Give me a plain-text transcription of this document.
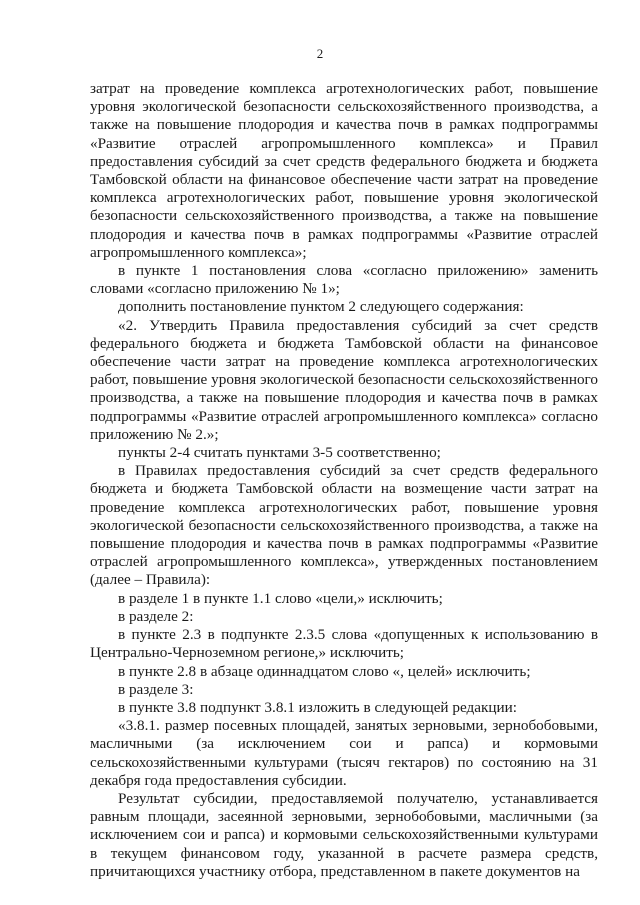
2

затрат на проведение комплекса агротехнологических работ, повышение уровня экологической безопасности сельскохозяйственного производства, а также на повышение плодородия и качества почв в рамках подпрограммы «Развитие отраслей агропромышленного комплекса» и Правил предоставления субсидий за счет средств федерального бюджета и бюджета Тамбовской области на финансовое обеспечение части затрат на проведение комплекса агротехнологических работ, повышение уровня экологической безопасности сельскохозяйственного производства, а также на повышение плодородия и качества почв в рамках подпрограммы «Развитие отраслей агропромышленного комплекса»;

в пункте 1 постановления слова «согласно приложению» заменить словами «согласно приложению № 1»;

дополнить постановление пунктом 2 следующего содержания:

«2. Утвердить Правила предоставления субсидий за счет средств федерального бюджета и бюджета Тамбовской области на финансовое обеспечение части затрат на проведение комплекса агротехнологических работ, повышение уровня экологической безопасности сельскохозяйственного производства, а также на повышение плодородия и качества почв в рамках подпрограммы «Развитие отраслей агропромышленного комплекса» согласно приложению № 2.»;

пункты 2-4 считать пунктами 3-5 соответственно;

в Правилах предоставления субсидий за счет средств федерального бюджета и бюджета Тамбовской области на возмещение части затрат на проведение комплекса агротехнологических работ, повышение уровня экологической безопасности сельскохозяйственного производства, а также на повышение плодородия и качества почв в рамках подпрограммы «Развитие отраслей агропромышленного комплекса», утвержденных постановлением (далее – Правила):

в разделе 1 в пункте 1.1 слово «цели,» исключить;

в разделе 2:

в пункте 2.3 в подпункте 2.3.5 слова «допущенных к использованию в Центрально-Черноземном регионе,» исключить;

в пункте 2.8 в абзаце одиннадцатом слово «, целей» исключить;

в разделе 3:

в пункте 3.8 подпункт 3.8.1 изложить в следующей редакции:

«3.8.1. размер посевных площадей, занятых зерновыми, зернобобовыми, масличными (за исключением сои и рапса) и кормовыми сельскохозяйственными культурами (тысяч гектаров) по состоянию на 31 декабря года предоставления субсидии.

Результат субсидии, предоставляемой получателю, устанавливается равным площади, засеянной зерновыми, зернобобовыми, масличными (за исключением сои и рапса) и кормовыми сельскохозяйственными культурами в текущем финансовом году, указанной в расчете размера средств, причитающихся участнику отбора, представленном в пакете документов на
